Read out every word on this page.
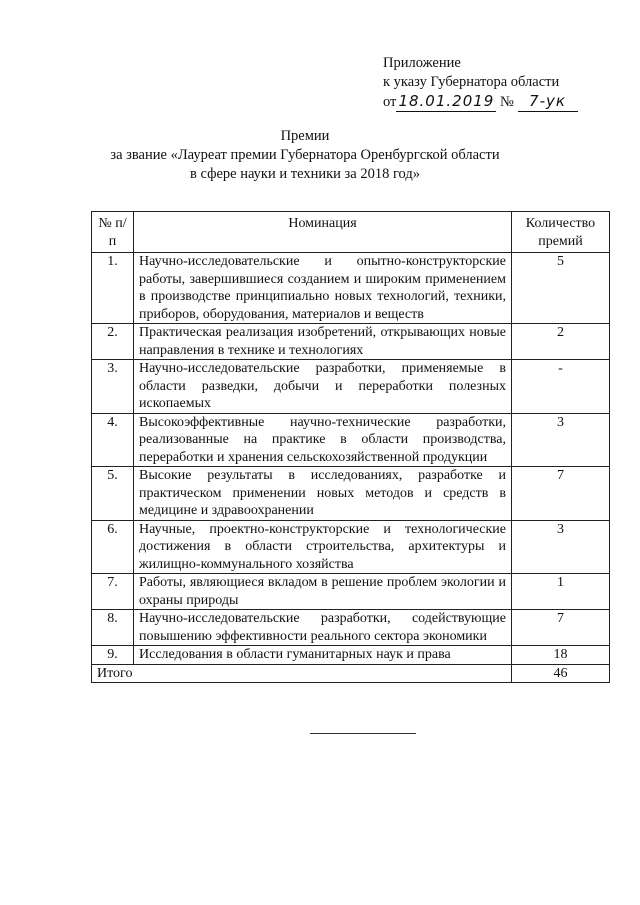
Приложение
к указу Губернатора области
от 18.01.2019 № 7-ук
Премии
за звание «Лауреат премии Губернатора Оренбургской области
в сфере науки и техники за 2018 год»
№ п/п	Номинация	Количество премий
1.	Научно-исследовательские и опытно-конструкторские работы, завершившиеся созданием и широким применением в производстве принципиально новых технологий, техники, приборов, оборудования, материалов и веществ	5
2.	Практическая реализация изобретений, открывающих новые направления в технике и технологиях	2
3.	Научно-исследовательские разработки, применяемые в области разведки, добычи и переработки полезных ископаемых	-
4.	Высокоэффективные научно-технические разработки, реализованные на практике в области производства, переработки и хранения сельскохозяйственной продукции	3
5.	Высокие результаты в исследованиях, разработке и практическом применении новых методов и средств в медицине и здравоохранении	7
6.	Научные, проектно-конструкторские и технологические достижения в области строительства, архитектуры и жилищно-коммунального хозяйства	3
7.	Работы, являющиеся вкладом в решение проблем экологии и охраны природы	1
8.	Научно-исследовательские разработки, содействующие повышению эффективности реального сектора экономики	7
9.	Исследования в области гуманитарных наук и права	18
Итого		46
